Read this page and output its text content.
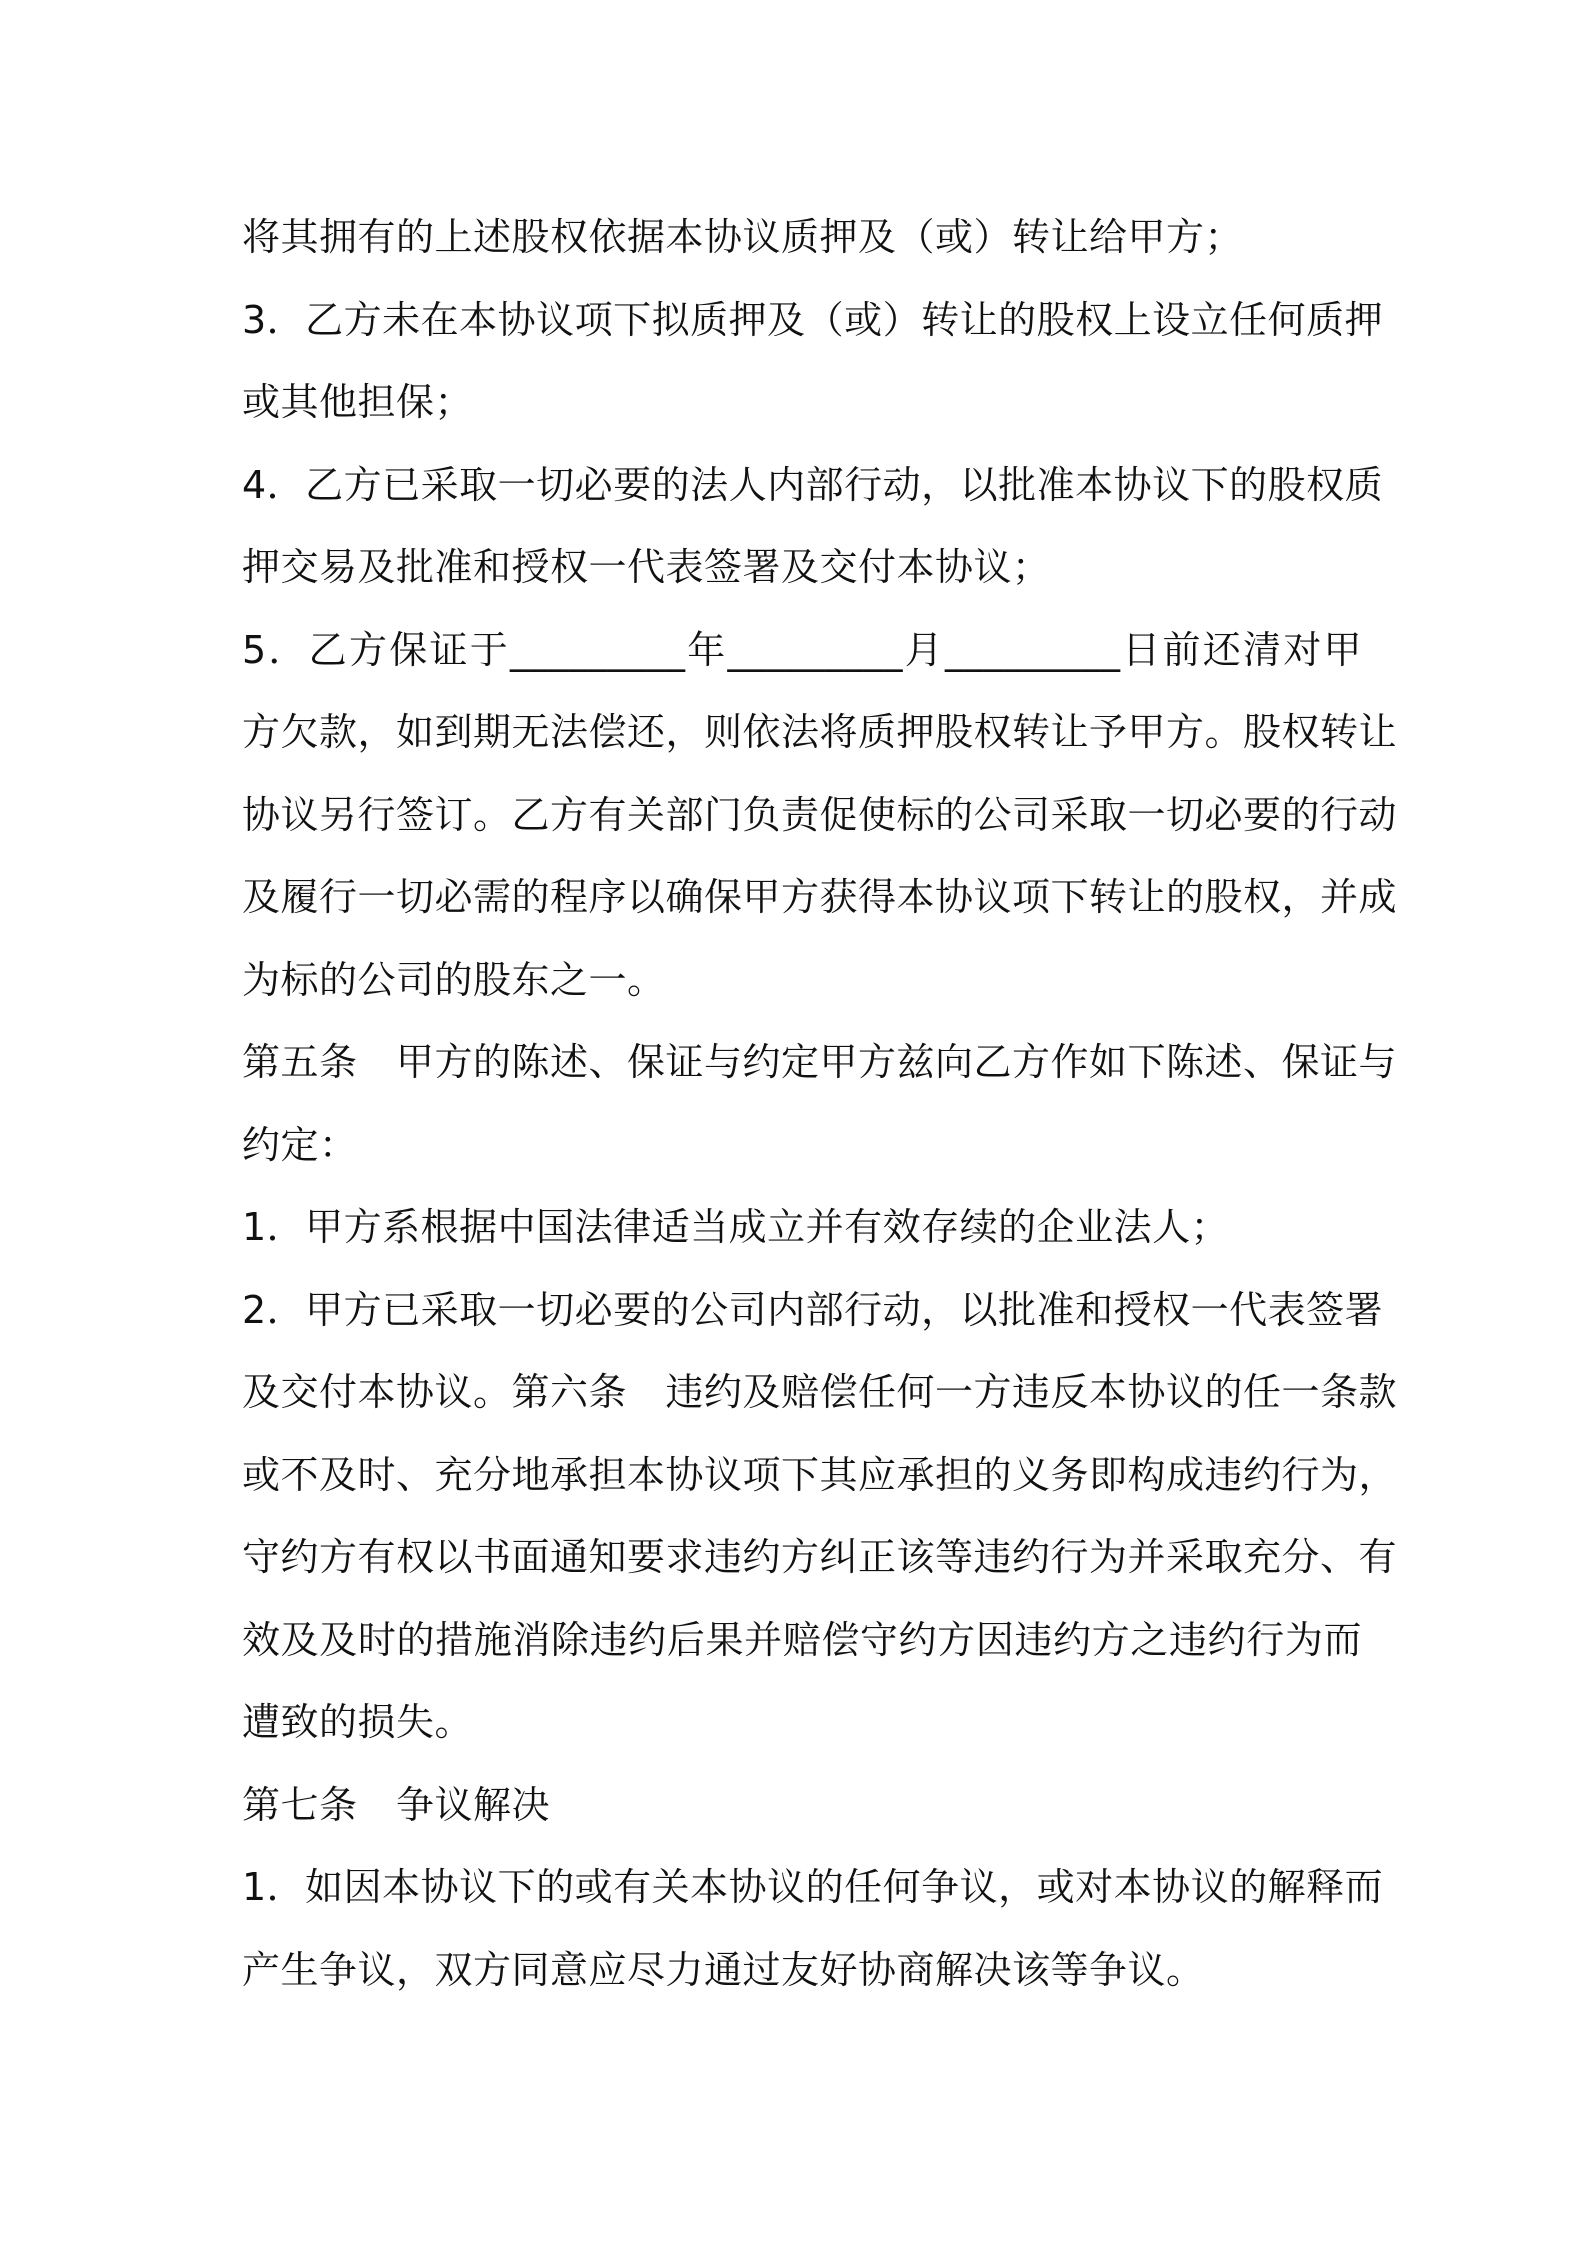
将其拥有的上述股权依据本协议质押及（或）转让给甲方；
3．乙方未在本协议项下拟质押及（或）转让的股权上设立任何质押
或其他担保；
4．乙方已采取一切必要的法人内部行动，以批准本协议下的股权质
押交易及批准和授权一代表签署及交付本协议；
5．乙方保证于_________年_________月_________日前还清对甲
方欠款，如到期无法偿还，则依法将质押股权转让予甲方。股权转让
协议另行签订。乙方有关部门负责促使标的公司采取一切必要的行动
及履行一切必需的程序以确保甲方获得本协议项下转让的股权，并成
为标的公司的股东之一。
第五条　甲方的陈述、保证与约定甲方兹向乙方作如下陈述、保证与
约定：
1．甲方系根据中国法律适当成立并有效存续的企业法人；
2．甲方已采取一切必要的公司内部行动，以批准和授权一代表签署
及交付本协议。第六条　违约及赔偿任何一方违反本协议的任一条款
或不及时、充分地承担本协议项下其应承担的义务即构成违约行为，
守约方有权以书面通知要求违约方纠正该等违约行为并采取充分、有
效及及时的措施消除违约后果并赔偿守约方因违约方之违约行为而
遭致的损失。
第七条　争议解决
1．如因本协议下的或有关本协议的任何争议，或对本协议的解释而
产生争议，双方同意应尽力通过友好协商解决该等争议。
